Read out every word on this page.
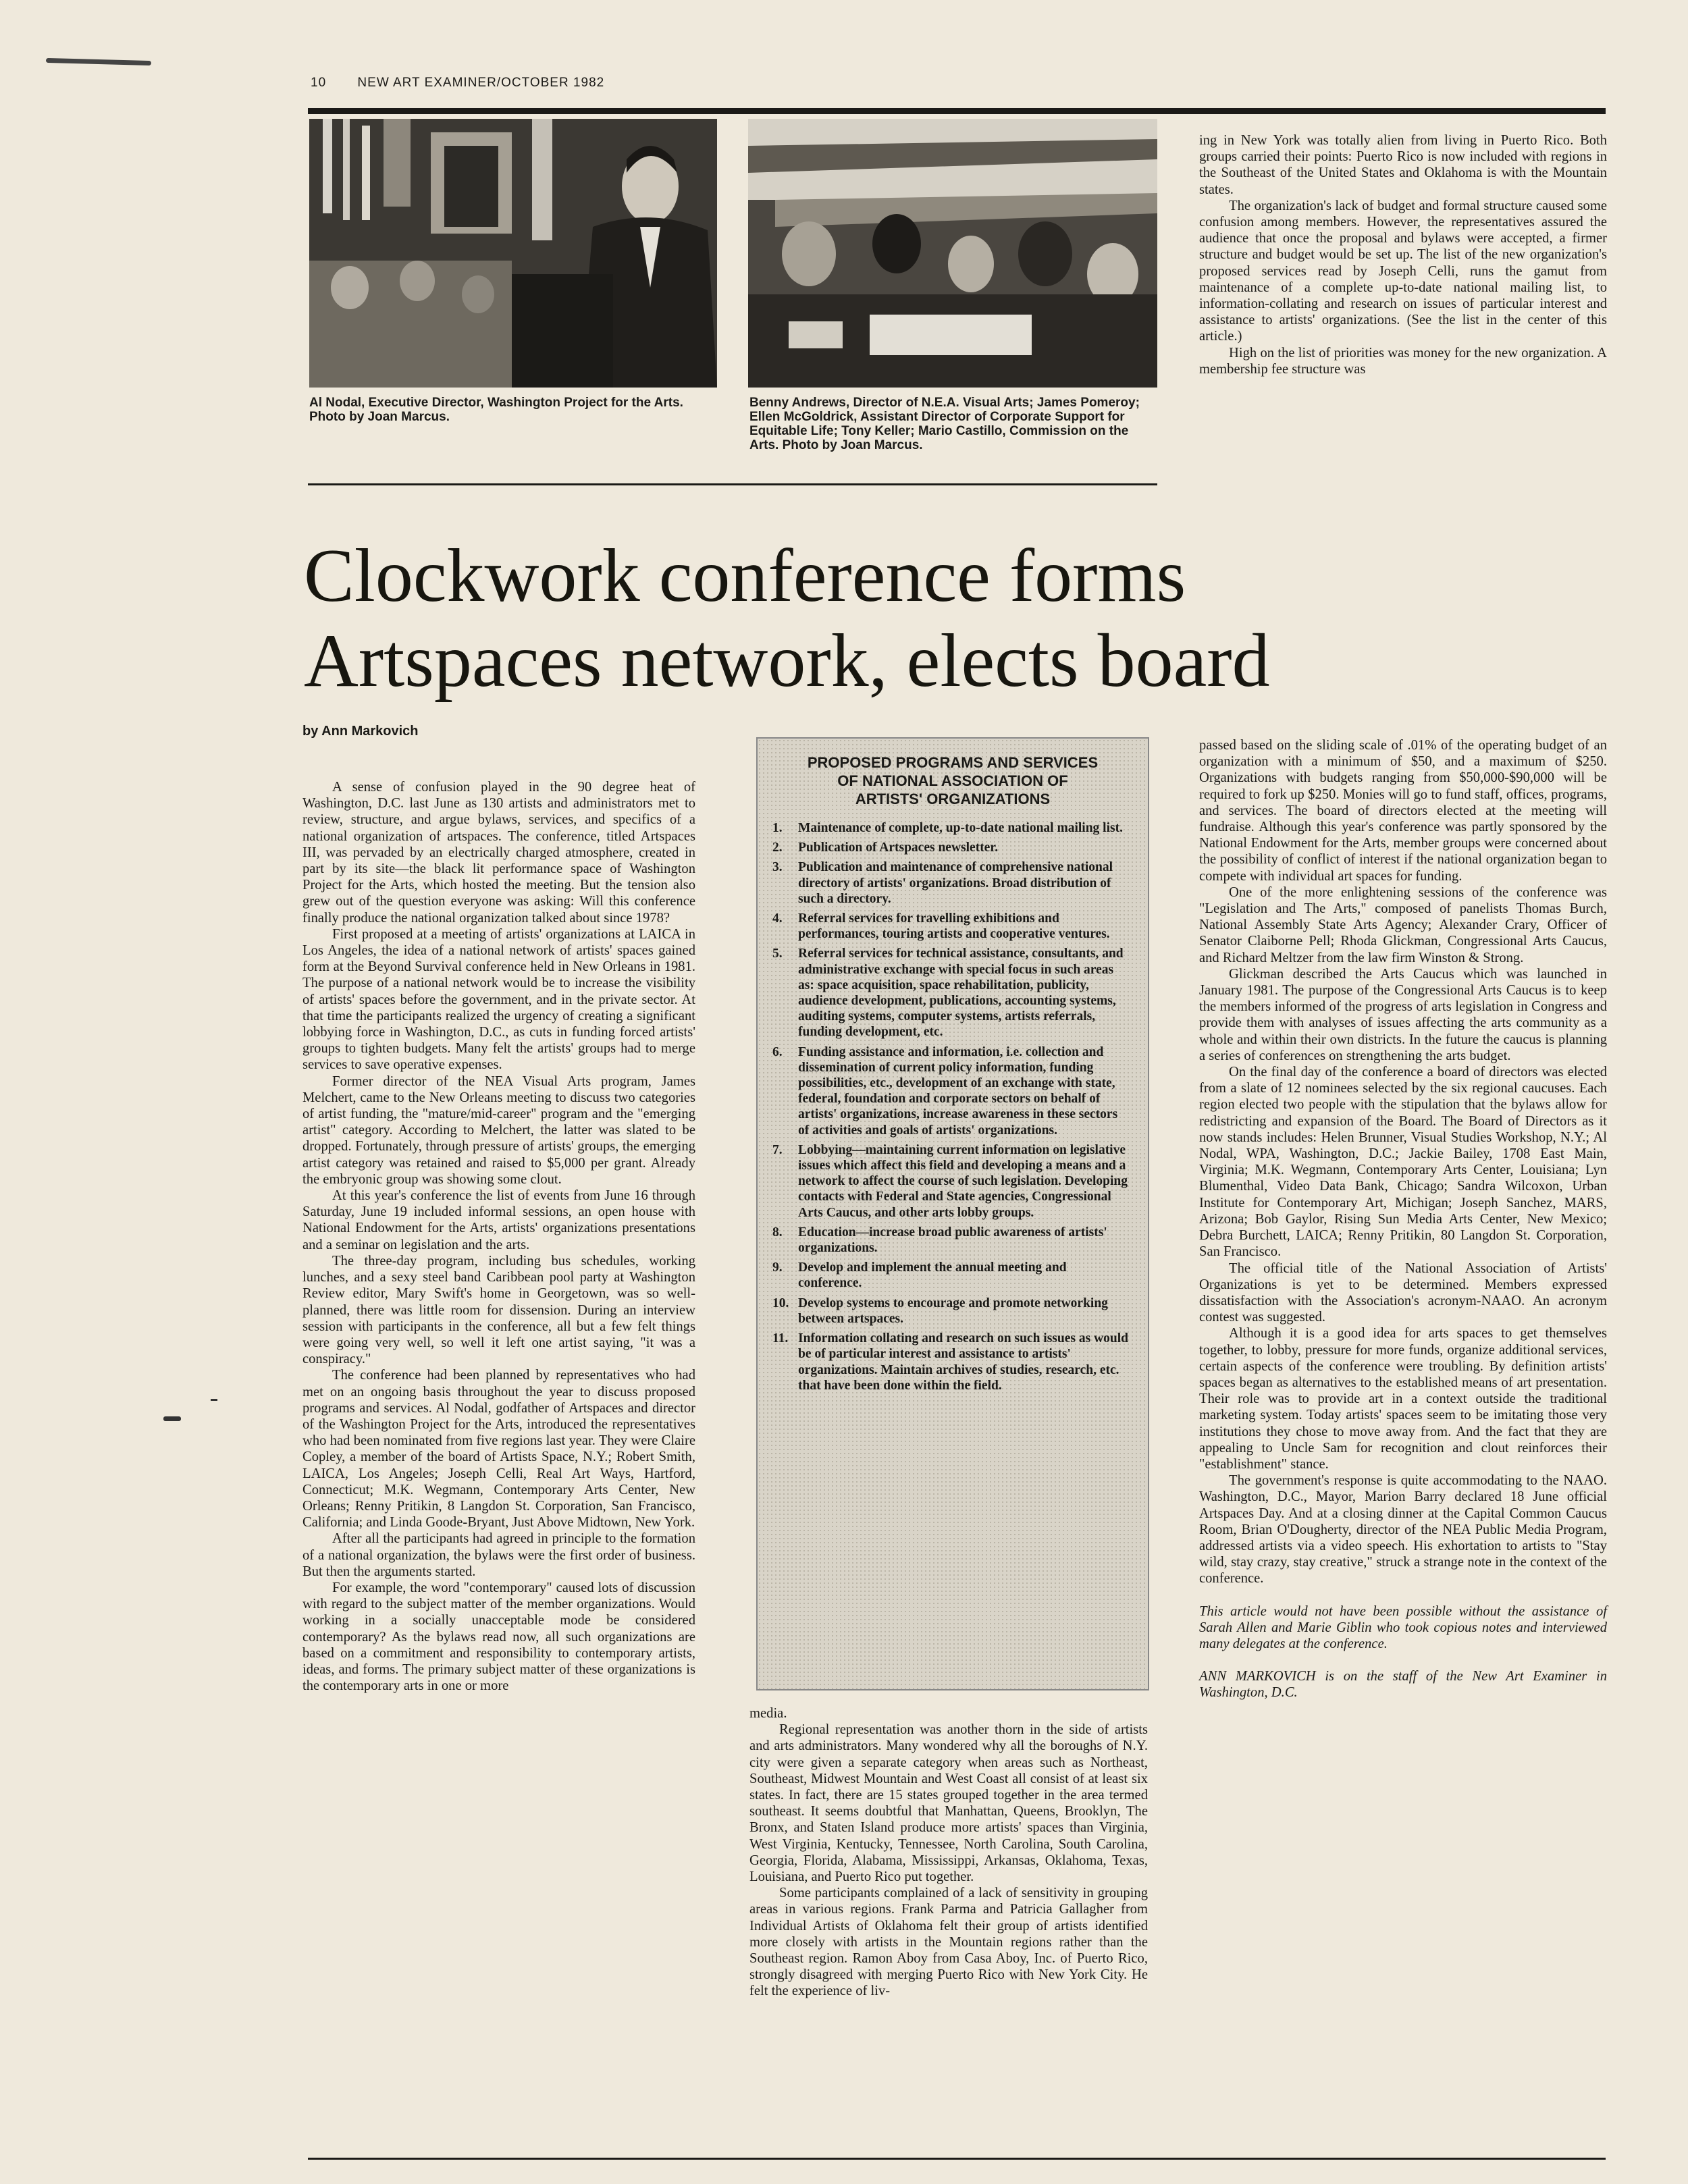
10 NEW ART EXAMINER/OCTOBER 1982
Al Nodal, Executive Director, Washington Project for the Arts. Photo by Joan Marcus.
Benny Andrews, Director of N.E.A. Visual Arts; James Pomeroy; Ellen McGoldrick, Assistant Director of Corporate Support for Equitable Life; Tony Keller; Mario Castillo, Commission on the Arts. Photo by Joan Marcus.

ing in New York was totally alien from living in Puerto Rico. Both groups carried their points: Puerto Rico is now included with regions in the Southeast of the United States and Oklahoma is with the Mountain states.

The organization's lack of budget and formal structure caused some confusion among members. However, the representatives assured the audience that once the proposal and bylaws were accepted, a firmer structure and budget would be set up. The list of the new organization's proposed services read by Joseph Celli, runs the gamut from maintenance of a complete up-to-date national mailing list, to information-collating and research on issues of particular interest and assistance to artists' organizations. (See the list in the center of this article.)

High on the list of priorities was money for the new organization. A membership fee structure was

Clockwork conference forms
Artspaces network, elects board
by Ann Markovich

A sense of confusion played in the 90 degree heat of Washington, D.C. last June as 130 artists and administrators met to review, structure, and argue bylaws, services, and specifics of a national organization of artspaces. The conference, titled Artspaces III, was pervaded by an electrically charged atmosphere, created in part by its site—the black lit performance space of Washington Project for the Arts, which hosted the meeting. But the tension also grew out of the question everyone was asking: Will this conference finally produce the national organization talked about since 1978?

First proposed at a meeting of artists' organizations at LAICA in Los Angeles, the idea of a national network of artists' spaces gained form at the Beyond Survival conference held in New Orleans in 1981. The purpose of a national network would be to increase the visibility of artists' spaces before the government, and in the private sector. At that time the participants realized the urgency of creating a significant lobbying force in Washington, D.C., as cuts in funding forced artists' groups to tighten budgets. Many felt the artists' groups had to merge services to save operative expenses.

Former director of the NEA Visual Arts program, James Melchert, came to the New Orleans meeting to discuss two categories of artist funding, the "mature/mid-career" program and the "emerging artist" category. According to Melchert, the latter was slated to be dropped. Fortunately, through pressure of artists' groups, the emerging artist category was retained and raised to $5,000 per grant. Already the embryonic group was showing some clout.

At this year's conference the list of events from June 16 through Saturday, June 19 included informal sessions, an open house with National Endowment for the Arts, artists' organizations presentations and a seminar on legislation and the arts.

The three-day program, including bus schedules, working lunches, and a sexy steel band Caribbean pool party at Washington Review editor, Mary Swift's home in Georgetown, was so well-planned, there was little room for dissension. During an interview session with participants in the conference, all but a few felt things were going very well, so well it left one artist saying, "it was a conspiracy."

The conference had been planned by representatives who had met on an ongoing basis throughout the year to discuss proposed programs and services. Al Nodal, godfather of Artspaces and director of the Washington Project for the Arts, introduced the representatives who had been nominated from five regions last year. They were Claire Copley, a member of the board of Artists Space, N.Y.; Robert Smith, LAICA, Los Angeles; Joseph Celli, Real Art Ways, Hartford, Connecticut; M.K. Wegmann, Contemporary Arts Center, New Orleans; Renny Pritikin, 8 Langdon St. Corporation, San Francisco, California; and Linda Goode-Bryant, Just Above Midtown, New York.

After all the participants had agreed in principle to the formation of a national organization, the bylaws were the first order of business. But then the arguments started.

For example, the word "contemporary" caused lots of discussion with regard to the subject matter of the member organizations. Would working in a socially unacceptable mode be considered contemporary? As the bylaws read now, all such organizations are based on a commitment and responsibility to contemporary artists, ideas, and forms. The primary subject matter of these organizations is the contemporary arts in one or more

PROPOSED PROGRAMS AND SERVICES
OF NATIONAL ASSOCIATION OF
ARTISTS' ORGANIZATIONS
1.	Maintenance of complete, up-to-date national mailing list.
2.	Publication of Artspaces newsletter.
3.	Publication and maintenance of comprehensive national directory of artists' organizations. Broad distribution of such a directory.
4.	Referral services for travelling exhibitions and performances, touring artists and cooperative ventures.
5.	Referral services for technical assistance, consultants, and administrative exchange with special focus in such areas as: space acquisition, space rehabilitation, publicity, audience development, publications, accounting systems, auditing systems, computer systems, artists referrals, funding development, etc.
6.	Funding assistance and information, i.e. collection and dissemination of current policy information, funding possibilities, etc., development of an exchange with state, federal, foundation and corporate sectors on behalf of artists' organizations, increase awareness in these sectors of activities and goals of artists' organizations.
7.	Lobbying—maintaining current information on legislative issues which affect this field and developing a means and a network to affect the course of such legislation. Developing contacts with Federal and State agencies, Congressional Arts Caucus, and other arts lobby groups.
8.	Education—increase broad public awareness of artists' organizations.
9.	Develop and implement the annual meeting and conference.
10. Develop systems to encourage and promote networking between artspaces.
11. Information collating and research on such issues as would be of particular interest and assistance to artists' organizations. Maintain archives of studies, research, etc. that have been done within the field.

media.

Regional representation was another thorn in the side of artists and arts administrators. Many wondered why all the boroughs of N.Y. city were given a separate category when areas such as Northeast, Southeast, Midwest Mountain and West Coast all consist of at least six states. In fact, there are 15 states grouped together in the area termed southeast. It seems doubtful that Manhattan, Queens, Brooklyn, The Bronx, and Staten Island produce more artists' spaces than Virginia, West Virginia, Kentucky, Tennessee, North Carolina, South Carolina, Georgia, Florida, Alabama, Mississippi, Arkansas, Oklahoma, Texas, Louisiana, and Puerto Rico put together.

Some participants complained of a lack of sensitivity in grouping areas in various regions. Frank Parma and Patricia Gallagher from Individual Artists of Oklahoma felt their group of artists identified more closely with artists in the Mountain regions rather than the Southeast region. Ramon Aboy from Casa Aboy, Inc. of Puerto Rico, strongly disagreed with merging Puerto Rico with New York City. He felt the experience of liv-

passed based on the sliding scale of .01% of the operating budget of an organization with a minimum of $50, and a maximum of $250. Organizations with budgets ranging from $50,000-$90,000 will be required to fork up $250. Monies will go to fund staff, offices, programs, and services. The board of directors elected at the meeting will fundraise. Although this year's conference was partly sponsored by the National Endowment for the Arts, member groups were concerned about the possibility of conflict of interest if the national organization began to compete with individual art spaces for funding.

One of the more enlightening sessions of the conference was "Legislation and The Arts," composed of panelists Thomas Burch, National Assembly State Arts Agency; Alexander Crary, Officer of Senator Claiborne Pell; Rhoda Glickman, Congressional Arts Caucus, and Richard Meltzer from the law firm Winston & Strong.

Glickman described the Arts Caucus which was launched in January 1981. The purpose of the Congressional Arts Caucus is to keep the members informed of the progress of arts legislation in Congress and provide them with analyses of issues affecting the arts community as a whole and within their own districts. In the future the caucus is planning a series of conferences on strengthening the arts budget.

On the final day of the conference a board of directors was elected from a slate of 12 nominees selected by the six regional caucuses. Each region elected two people with the stipulation that the bylaws allow for redistricting and expansion of the Board. The Board of Directors as it now stands includes: Helen Brunner, Visual Studies Workshop, N.Y.; Al Nodal, WPA, Washington, D.C.; Jackie Bailey, 1708 East Main, Virginia; M.K. Wegmann, Contemporary Arts Center, Louisiana; Lyn Blumenthal, Video Data Bank, Chicago; Sandra Wilcoxon, Urban Institute for Contemporary Art, Michigan; Joseph Sanchez, MARS, Arizona; Bob Gaylor, Rising Sun Media Arts Center, New Mexico; Debra Burchett, LAICA; Renny Pritikin, 80 Langdon St. Corporation, San Francisco.

The official title of the National Association of Artists' Organizations is yet to be determined. Members expressed dissatisfaction with the Association's acronym-NAAO. An acronym contest was suggested.

Although it is a good idea for arts spaces to get themselves together, to lobby, pressure for more funds, organize additional services, certain aspects of the conference were troubling. By definition artists' spaces began as alternatives to the established means of art presentation. Their role was to provide art in a context outside the traditional marketing system. Today artists' spaces seem to be imitating those very institutions they chose to move away from. And the fact that they are appealing to Uncle Sam for recognition and clout reinforces their "establishment" stance.

The government's response is quite accommodating to the NAAO. Washington, D.C., Mayor, Marion Barry declared 18 June official Artspaces Day. And at a closing dinner at the Capital Common Caucus Room, Brian O'Dougherty, director of the NEA Public Media Program, addressed artists via a video speech. His exhortation to artists to "Stay wild, stay crazy, stay creative," struck a strange note in the context of the conference.

This article would not have been possible without the assistance of Sarah Allen and Marie Giblin who took copious notes and interviewed many delegates at the conference.

ANN MARKOVICH is on the staff of the New Art Examiner in Washington, D.C.
